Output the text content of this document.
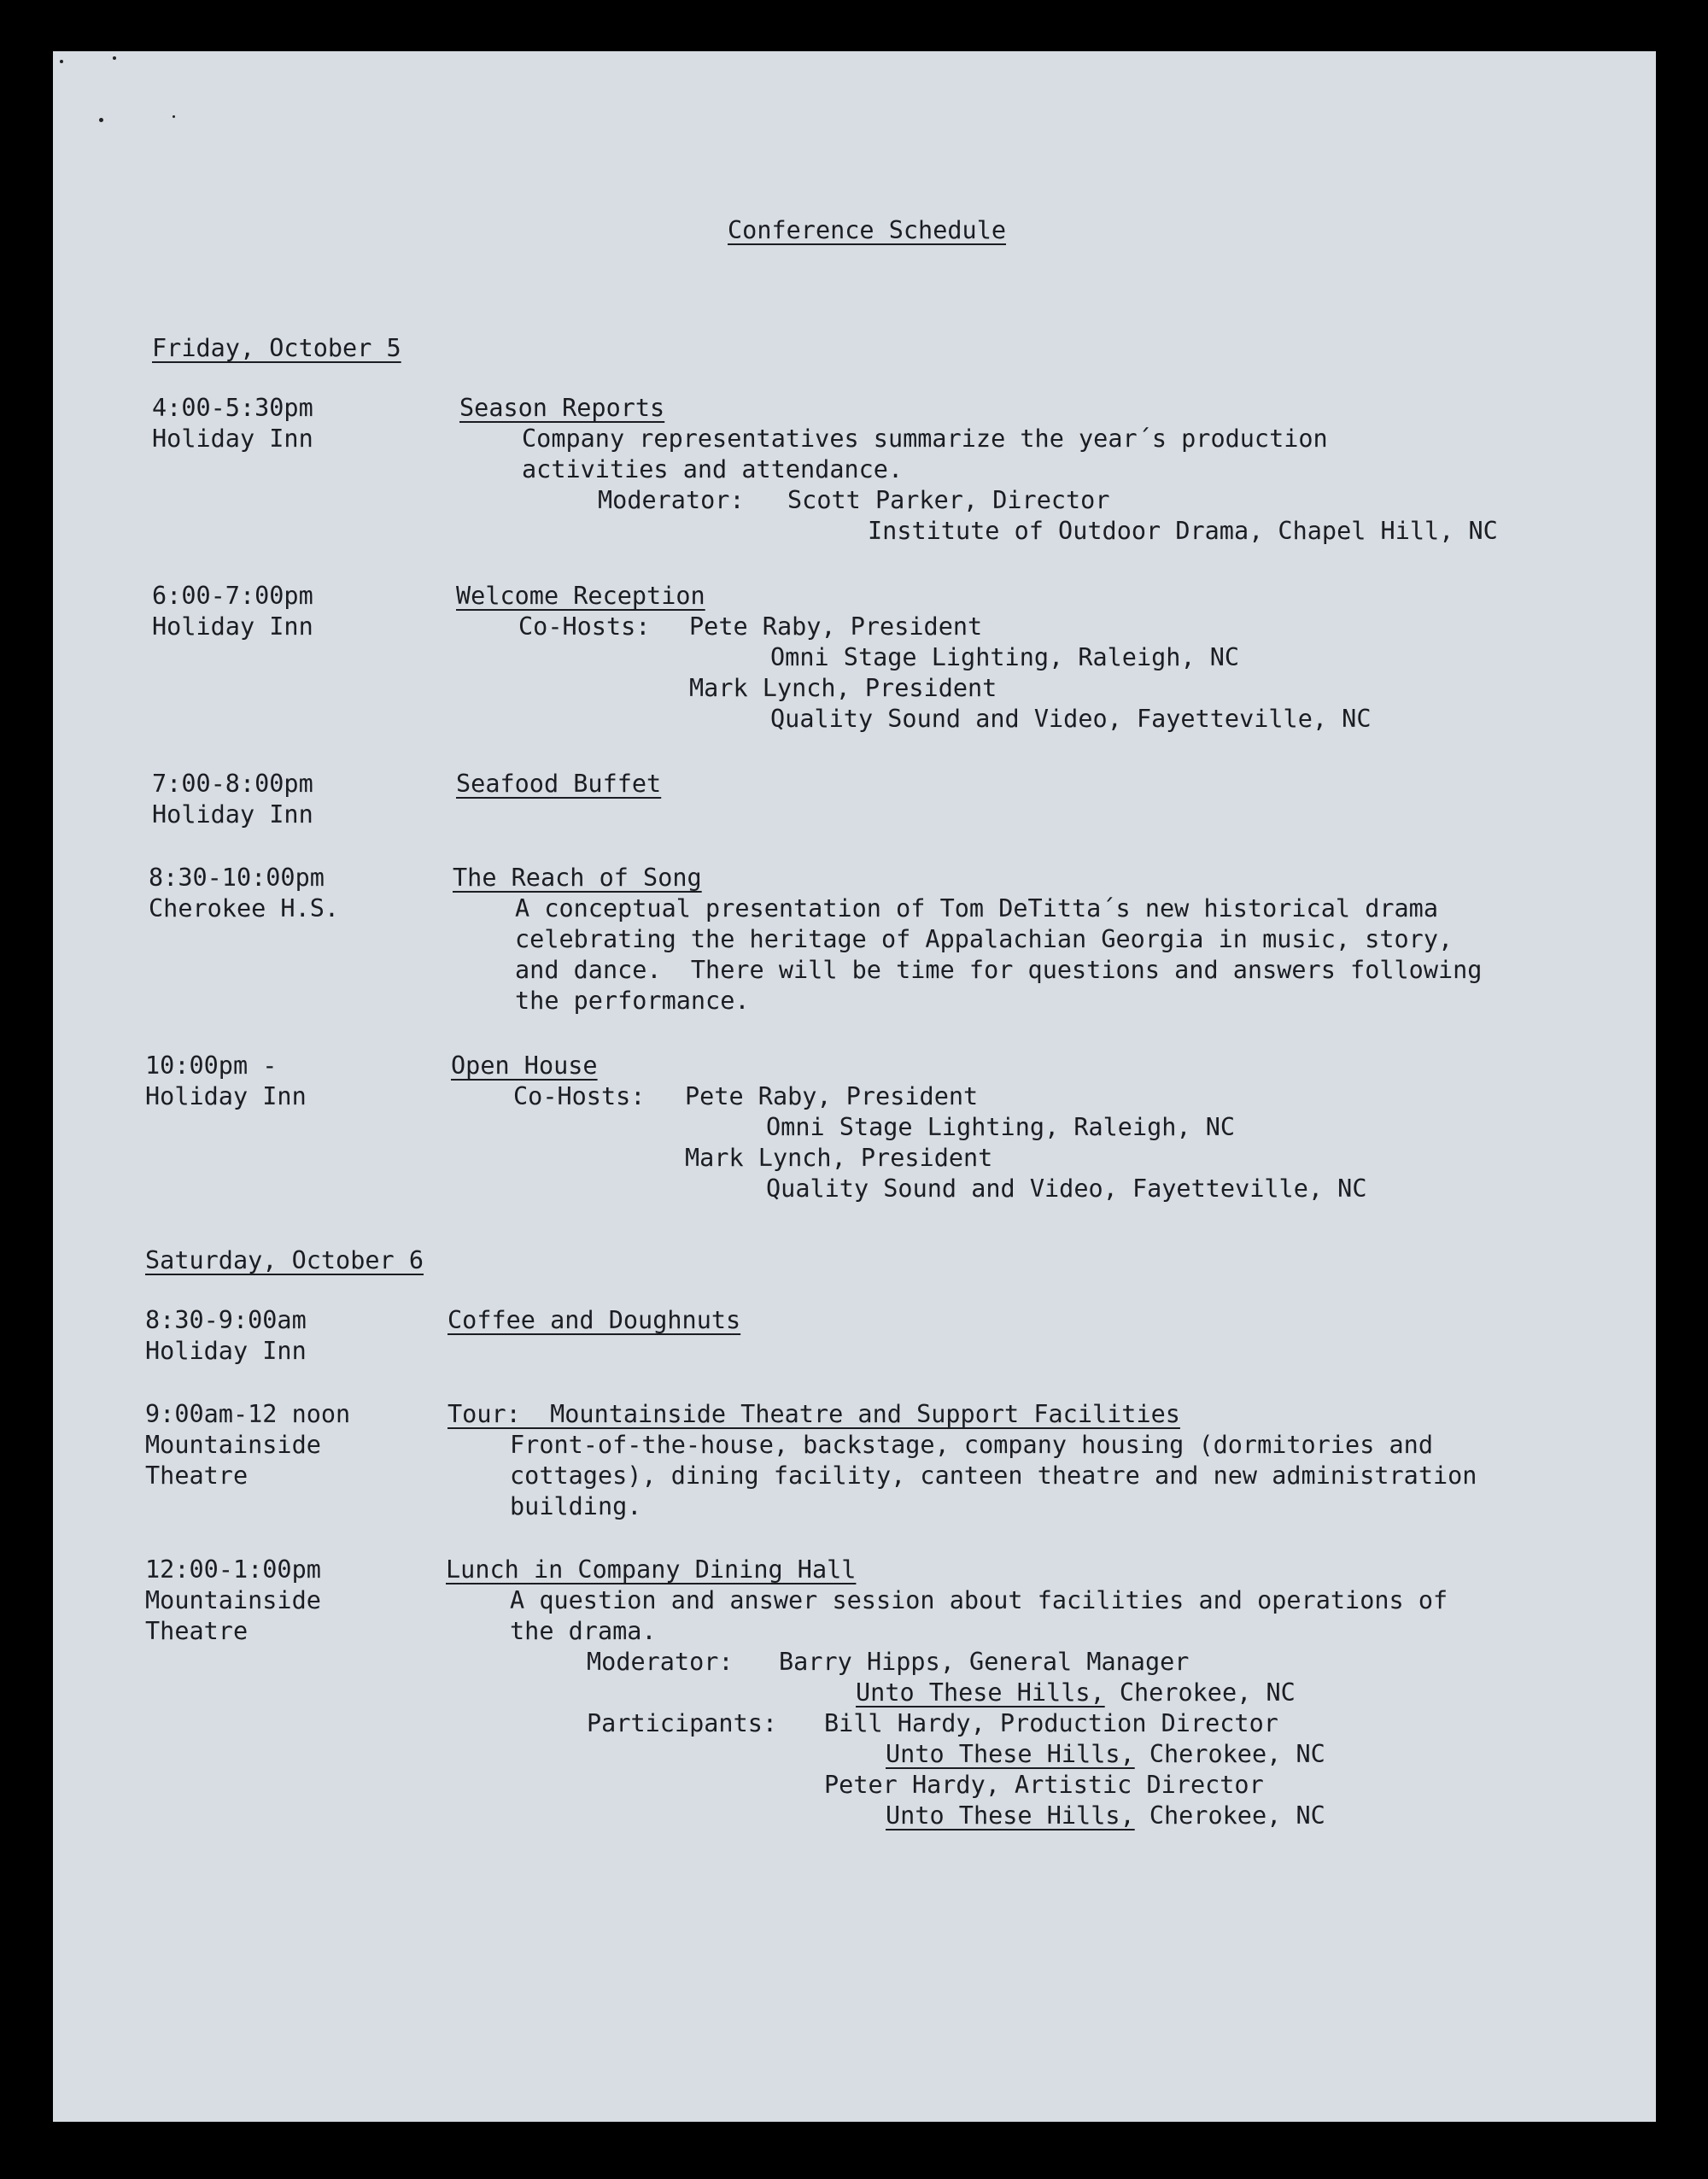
Conference Schedule
Friday, October 5
4:00-5:30pm
Holiday Inn
Season Reports
Company representatives summarize the year´s production
activities and attendance.
Moderator: Scott Parker, Director
Institute of Outdoor Drama, Chapel Hill, NC
6:00-7:00pm
Holiday Inn
Welcome Reception
Co-Hosts: Pete Raby, President
Omni Stage Lighting, Raleigh, NC
Mark Lynch, President
Quality Sound and Video, Fayetteville, NC
7:00-8:00pm
Holiday Inn
Seafood Buffet
8:30-10:00pm
Cherokee H.S.
The Reach of Song
A conceptual presentation of Tom DeTitta´s new historical drama
celebrating the heritage of Appalachian Georgia in music, story,
and dance.  There will be time for questions and answers following
the performance.
10:00pm -
Holiday Inn
Open House
Co-Hosts: Pete Raby, President
Omni Stage Lighting, Raleigh, NC
Mark Lynch, President
Quality Sound and Video, Fayetteville, NC
Saturday, October 6
8:30-9:00am
Holiday Inn
Coffee and Doughnuts
9:00am-12 noon
Mountainside
Theatre
Tour:  Mountainside Theatre and Support Facilities
Front-of-the-house, backstage, company housing (dormitories and
cottages), dining facility, canteen theatre and new administration
building.
12:00-1:00pm
Mountainside
Theatre
Lunch in Company Dining Hall
A question and answer session about facilities and operations of
the drama.
Moderator: Barry Hipps, General Manager
Unto These Hills, Cherokee, NC
Participants: Bill Hardy, Production Director
Unto These Hills, Cherokee, NC
Peter Hardy, Artistic Director
Unto These Hills, Cherokee, NC
